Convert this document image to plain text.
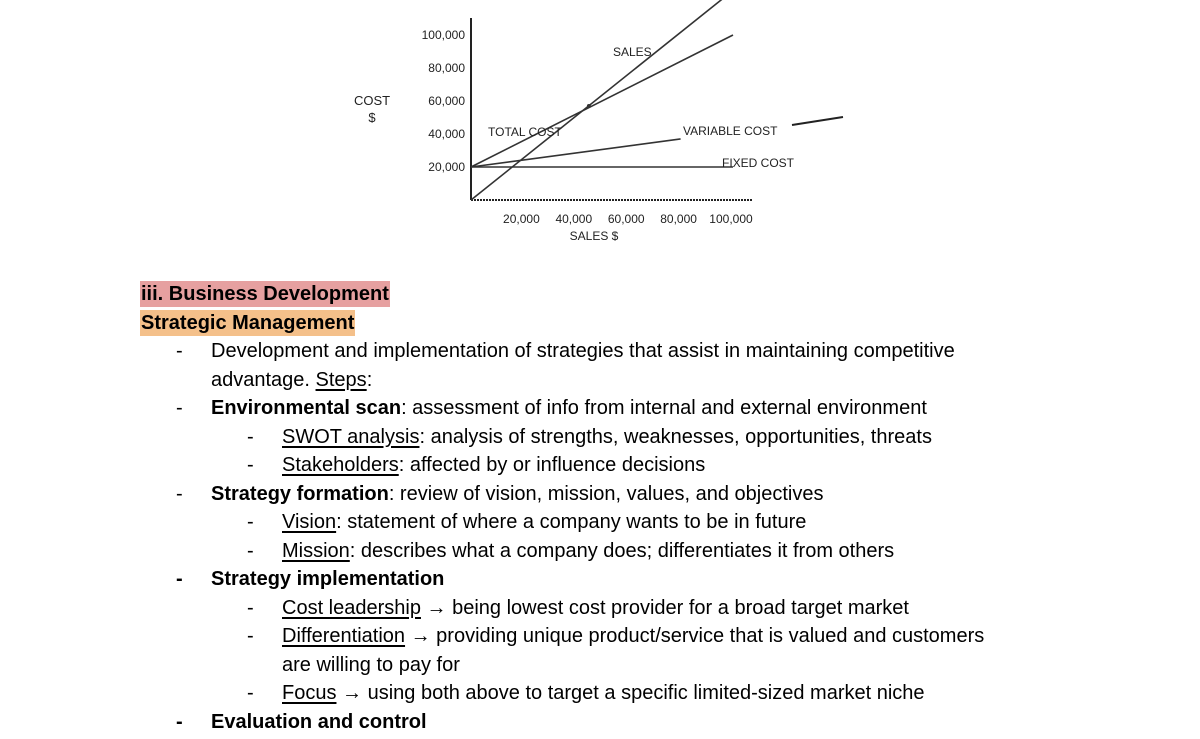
COST
$
100,000
80,000
60,000
40,000
20,000
20,000 40,000 60,000 80,000 100,000
SALES
TOTAL COST	VARIABLE COST
FIXED COST
SALES $
iii. Business Development
Strategic Management
- Development and implementation of strategies that assist in maintaining competitive
advantage. Steps:
- Environmental scan: assessment of info from internal and external environment
- SWOT analysis: analysis of strengths, weaknesses, opportunities, threats
- Stakeholders: affected by or influence decisions
- Strategy formation: review of vision, mission, values, and objectives
- Vision: statement of where a company wants to be in future
- Mission: describes what a company does; differentiates it from others
- Strategy implementation
- Cost leadership → being lowest cost provider for a broad target market
- Differentiation → providing unique product/service that is valued and customers
are willing to pay for
- Focus → using both above to target a specific limited-sized market niche
- Evaluation and control
